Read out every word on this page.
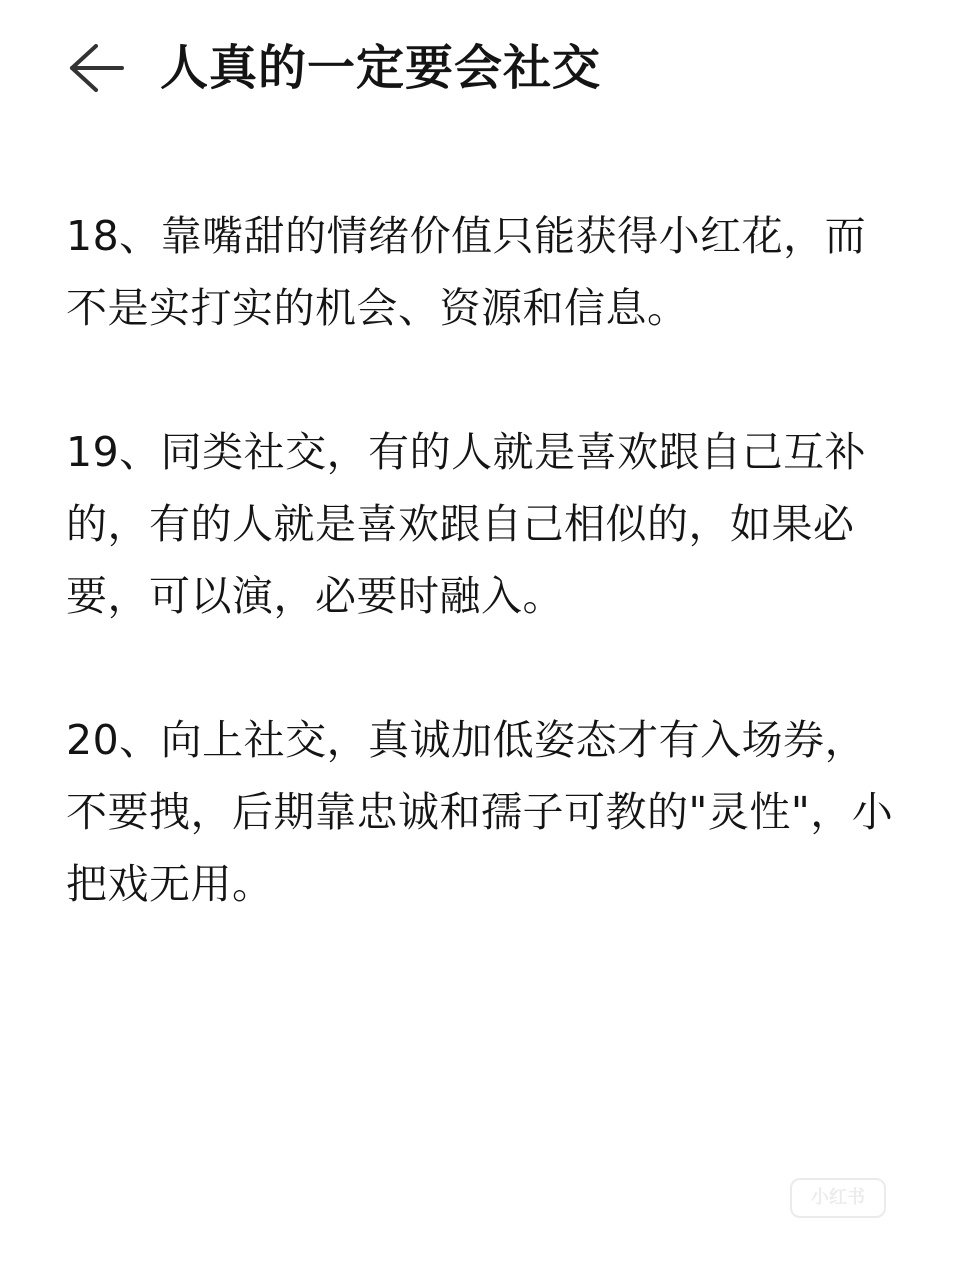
人真的一定要会社交

18、靠嘴甜的情绪价值只能获得小红花，而不是实打实的机会、资源和信息。

19、同类社交，有的人就是喜欢跟自己互补的，有的人就是喜欢跟自己相似的，如果必要，可以演，必要时融入。

20、向上社交，真诚加低姿态才有入场券，不要拽，后期靠忠诚和孺子可教的"灵性"，小把戏无用。

小红书
